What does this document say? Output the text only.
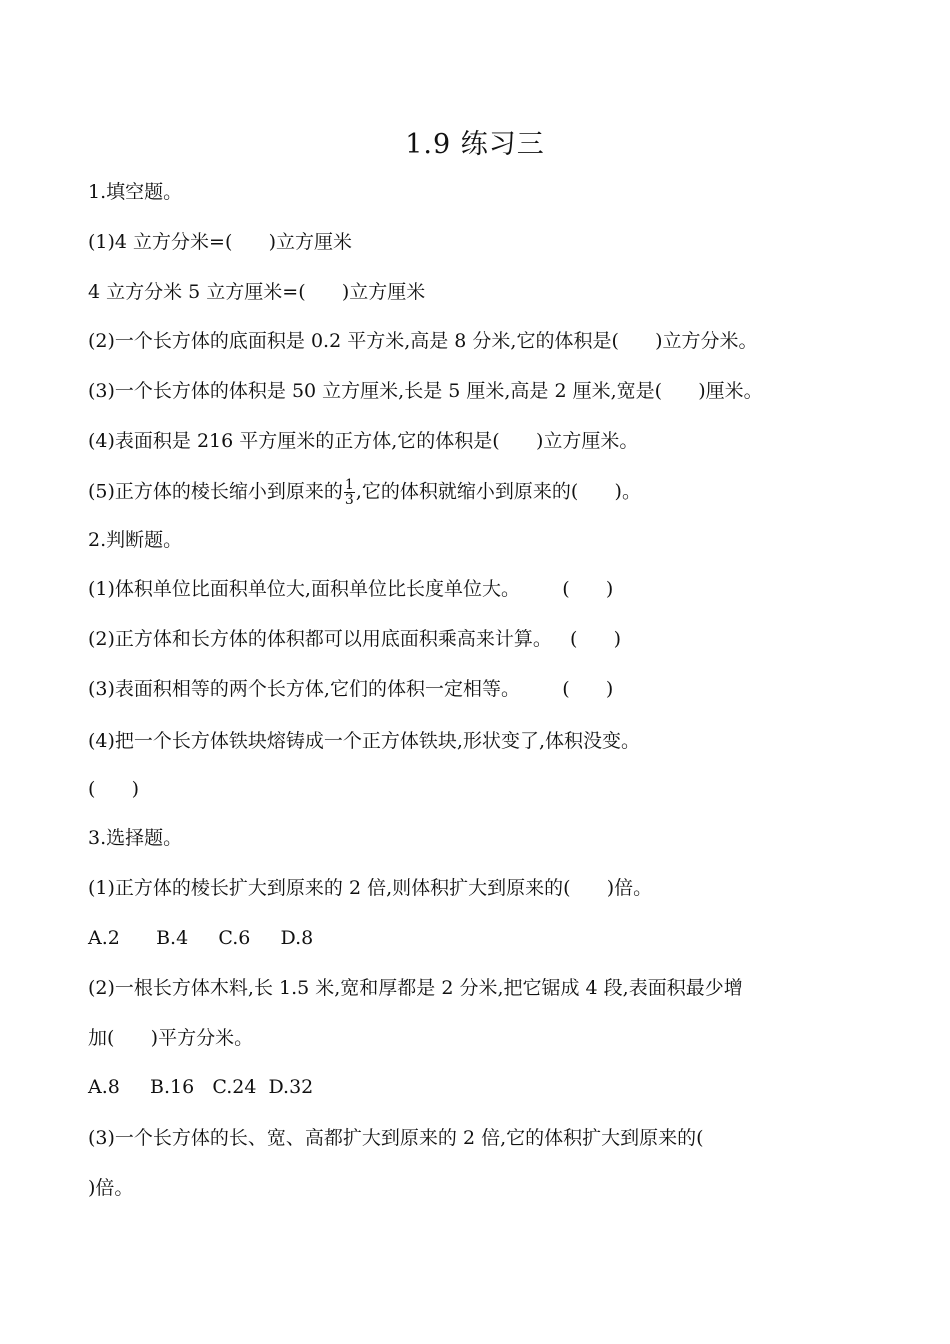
1.9 练习三
1.填空题。
(1)4 立方分米=(      )立方厘米
4 立方分米 5 立方厘米=(      )立方厘米
(2)一个长方体的底面积是 0.2 平方米,高是 8 分米,它的体积是(      )立方分米。
(3)一个长方体的体积是 50 立方厘米,长是 5 厘米,高是 2 厘米,宽是(      )厘米。
(4)表面积是 216 平方厘米的正方体,它的体积是(      )立方厘米。
(5)正方体的棱长缩小到原来的 $\frac{1}{3}$ ,它的体积就缩小到原来的(      )。
2.判断题。
(1)体积单位比面积单位大,面积单位比长度单位大。       (      )
(2)正方体和长方体的体积都可以用底面积乘高来计算。   (      )
(3)表面积相等的两个长方体,它们的体积一定相等。       (      )
(4)把一个长方体铁块熔铸成一个正方体铁块,形状变了,体积没变。
(      )
3.选择题。
(1)正方体的棱长扩大到原来的 2 倍,则体积扩大到原来的(      )倍。
A.2      B.4     C.6     D.8
(2)一根长方体木料,长 1.5 米,宽和厚都是 2 分米,把它锯成 4 段,表面积最少增
加(      )平方分米。
A.8     B.16   C.24  D.32
(3)一个长方体的长、宽、高都扩大到原来的 2 倍,它的体积扩大到原来的(
)倍。
